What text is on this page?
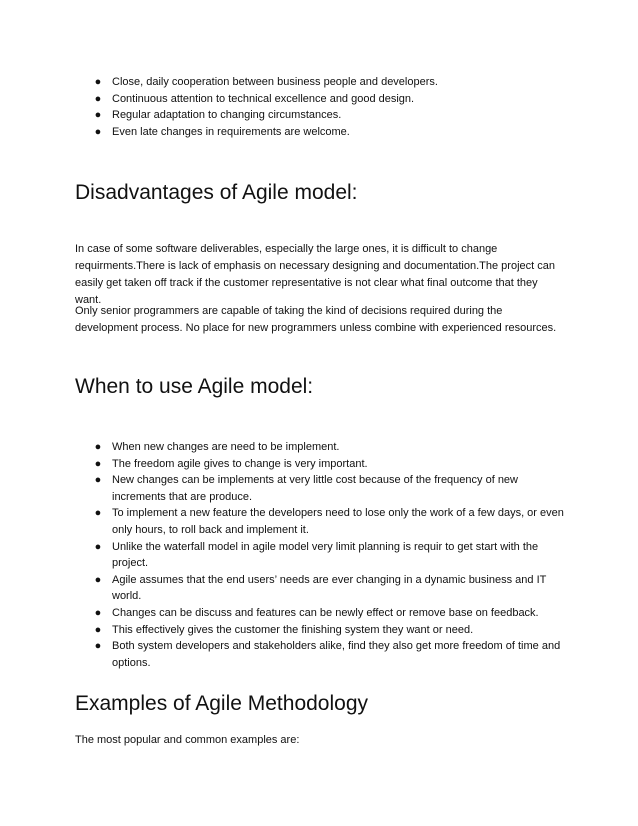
● Close, daily cooperation between business people and developers.
● Continuous attention to technical excellence and good design.
● Regular adaptation to changing circumstances.
● Even late changes in requirements are welcome.
Disadvantages of Agile model:

In case of some software deliverables, especially the large ones, it is difficult to change requirments.There is lack of emphasis on necessary designing and documentation.The project can easily get taken off track if the customer representative is not clear what final outcome that they want.

Only senior programmers are capable of taking the kind of decisions required during the development process. No place for new programmers unless combine with experienced resources.

When to use Agile model:
● When new changes are need to be implement.
● The freedom agile gives to change is very important.
● New changes can be implements at very little cost because of the frequency of new increments that are produce.
● To implement a new feature the developers need to lose only the work of a few days, or even only hours, to roll back and implement it.
● Unlike the waterfall model in agile model very limit planning is requir to get start with the project.
● Agile assumes that the end users’ needs are ever changing in a dynamic business and IT world.
● Changes can be discuss and features can be newly effect or remove base on feedback.
● This effectively gives the customer the finishing system they want or need.
● Both system developers and stakeholders alike, find they also get more freedom of time and options.
Examples of Agile Methodology

The most popular and common examples are:
